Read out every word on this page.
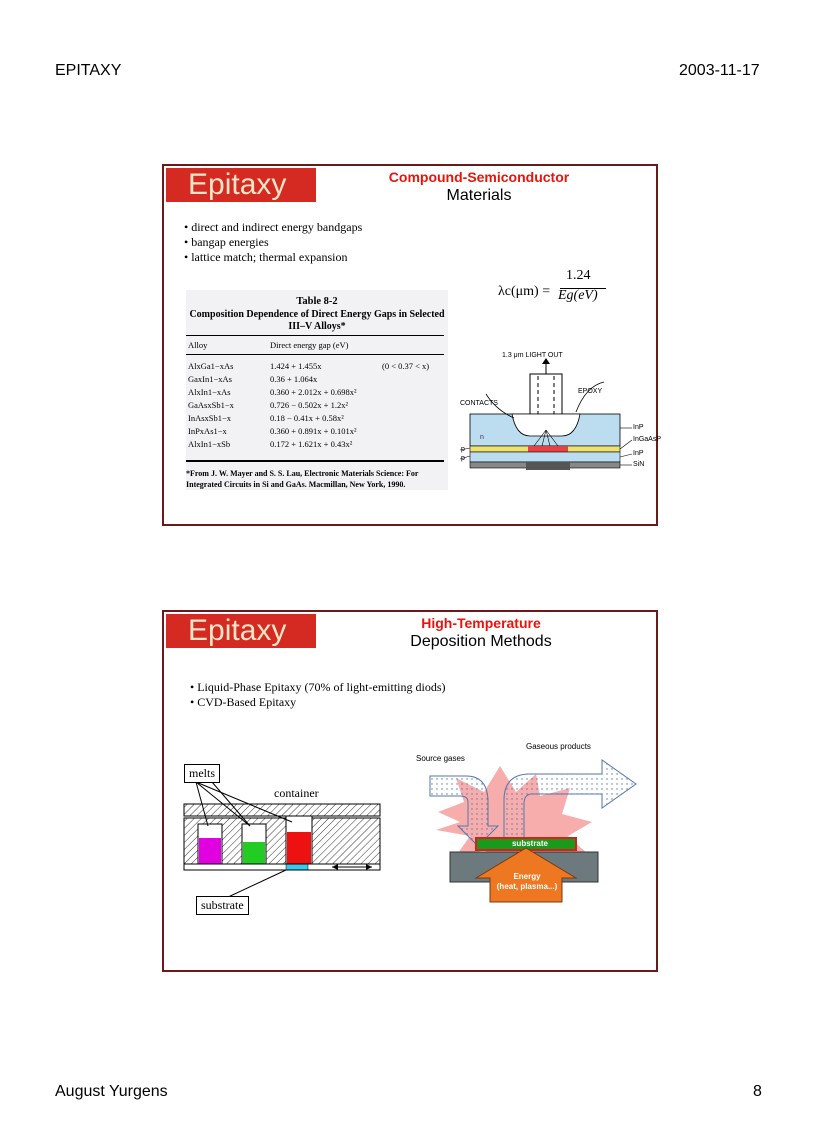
EPITAXY	2003-11-17
August Yurgens	8
Epitaxy	Compound-Semiconductor
Materials
• direct and indirect energy bandgaps
• bangap energies
• lattice match; thermal expansion
λc(μm) =
1.24
Eg(eV)
Table 8-2
Composition Dependence of Direct Energy Gaps in Selected III–V Alloys*
Alloy	Direct energy gap (eV)
AlxGa1−xAs	1.424 + 1.455x	(0 < 0.37 < x)
GaxIn1−xAs	0.36 + 1.064x
AlxIn1−xAs	0.360 + 2.012x + 0.698x²
GaAsxSb1−x	0.726 − 0.502x + 1.2x²
InAsxSb1−x	0.18 − 0.41x + 0.58x²
InPxAs1−x	0.360 + 0.891x + 0.101x²
AlxIn1−xSb	0.172 + 1.621x + 0.43x²
*From J. W. Mayer and S. S. Lau, Electronic Materials Science: For Integrated Circuits in Si and GaAs. Macmillan, New York, 1990.
1.3 μm LIGHT OUT
EPOXY
CONTACTS
InP
InGaAsP
InP
SiN
p
p
n
Epitaxy	High-Temperature
Deposition Methods
• Liquid-Phase Epitaxy (70% of light-emitting diods)
• CVD-Based Epitaxy
melts
container
substrate
Gaseous products
Source gases
substrate
Energy
(heat, plasma...)
